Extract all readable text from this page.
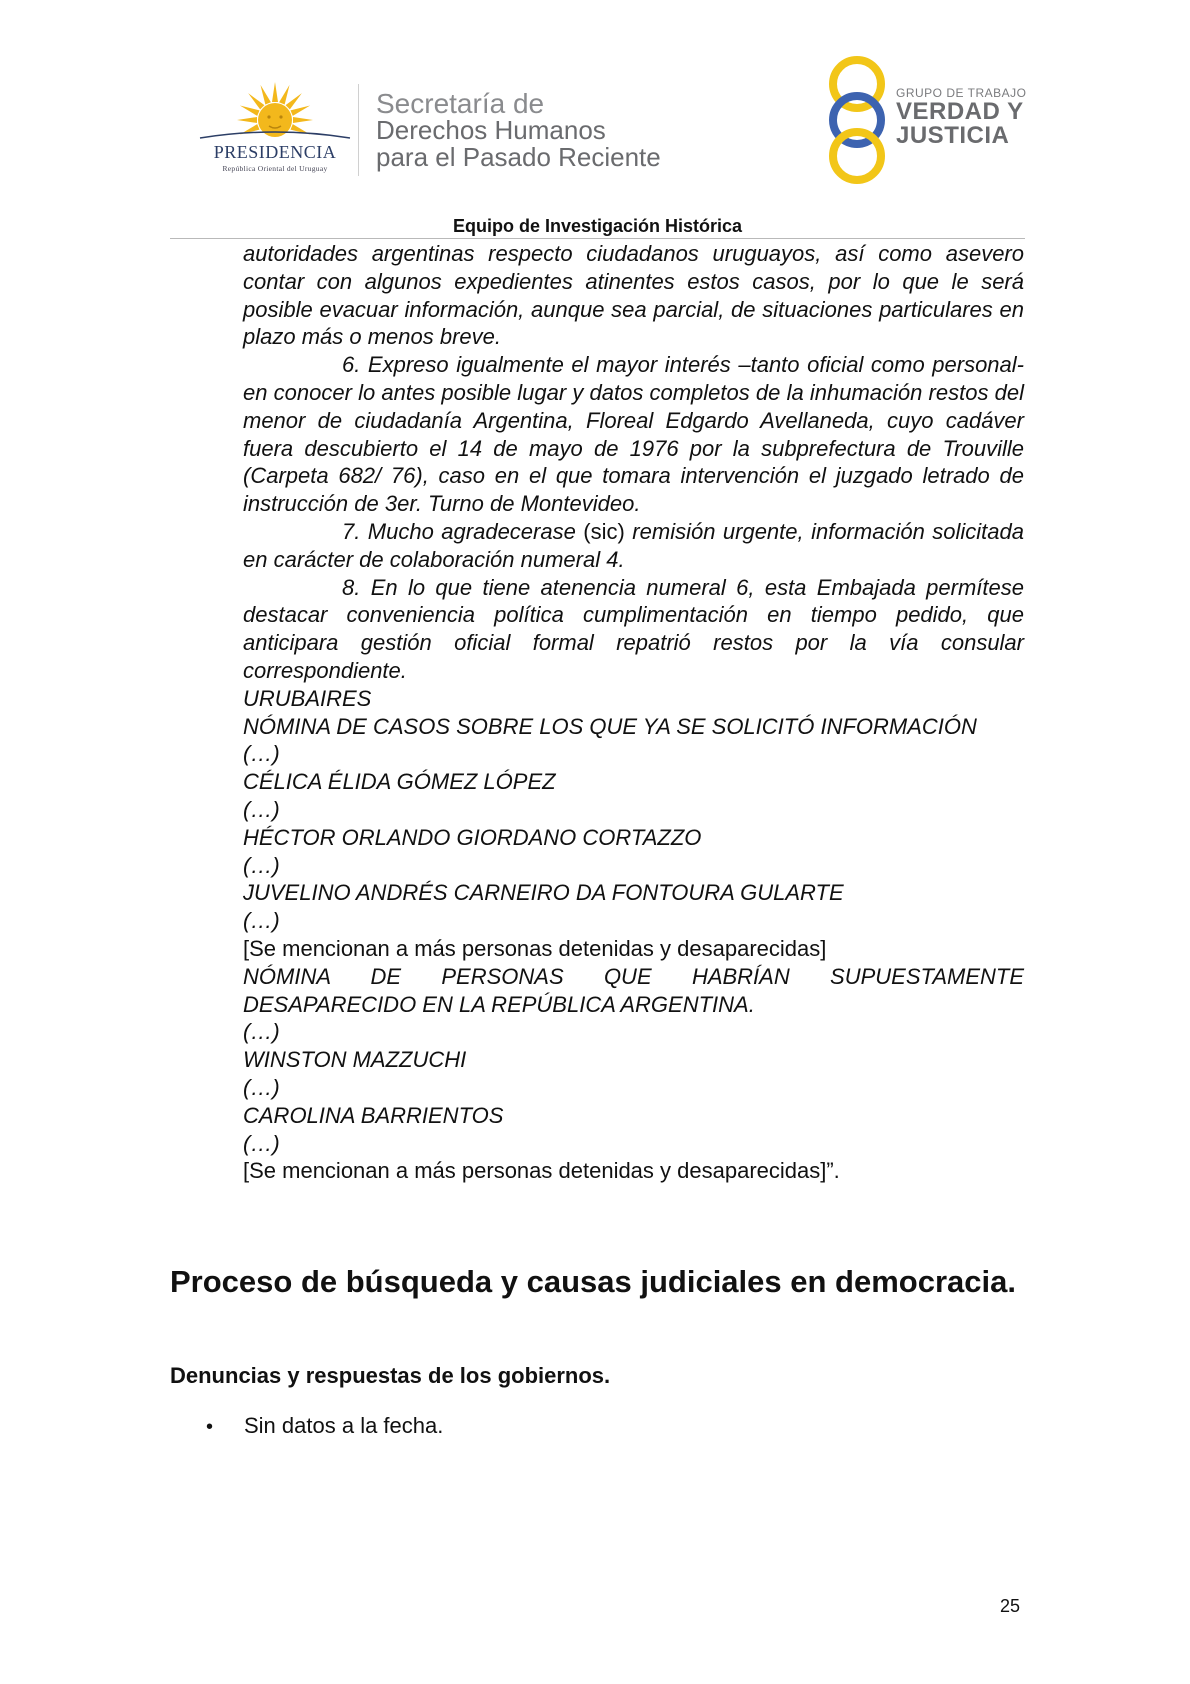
PRESIDENCIA
República Oriental del Uruguay
Secretaría de
Derechos Humanos
para el Pasado Reciente
GRUPO DE TRABAJO
VERDAD Y
JUSTICIA
Equipo de Investigación Histórica

autoridades argentinas respecto ciudadanos uruguayos, así como asevero contar con algunos expedientes atinentes estos casos, por lo que le será posible evacuar información, aunque sea parcial, de situaciones particulares en plazo más o menos breve.

6. Expreso igualmente el mayor interés –tanto oficial como personal- en conocer lo antes posible lugar y datos completos de la inhumación restos del menor de ciudadanía Argentina, Floreal Edgardo Avellaneda, cuyo cadáver fuera descubierto el 14 de mayo de 1976 por la subprefectura de Trouville (Carpeta 682/ 76), caso en el que tomara intervención el juzgado letrado de instrucción de 3er. Turno de Montevideo.

7. Mucho agradecerase (sic) remisión urgente, información solicitada en carácter de colaboración numeral 4.

8. En lo que tiene atenencia numeral 6, esta Embajada permítese destacar conveniencia política cumplimentación en tiempo pedido, que anticipara gestión oficial formal repatrió restos por la vía consular correspondiente.

URUBAIRES

NÓMINA DE CASOS SOBRE LOS QUE YA SE SOLICITÓ INFORMACIÓN

(…)

CÉLICA ÉLIDA GÓMEZ LÓPEZ

(…)

HÉCTOR ORLANDO GIORDANO CORTAZZO

(…)

JUVELINO ANDRÉS CARNEIRO DA FONTOURA GULARTE

(…)

[Se mencionan a más personas detenidas y desaparecidas]

NÓMINA DE PERSONAS QUE HABRÍAN SUPUESTAMENTE DESAPARECIDO EN LA REPÚBLICA ARGENTINA.

(…)

WINSTON MAZZUCHI

(…)

CAROLINA BARRIENTOS

(…)

[Se mencionan a más personas detenidas y desaparecidas]”.

Proceso de búsqueda y causas judiciales en democracia.
Denuncias y respuestas de los gobiernos.
• Sin datos a la fecha.
25
